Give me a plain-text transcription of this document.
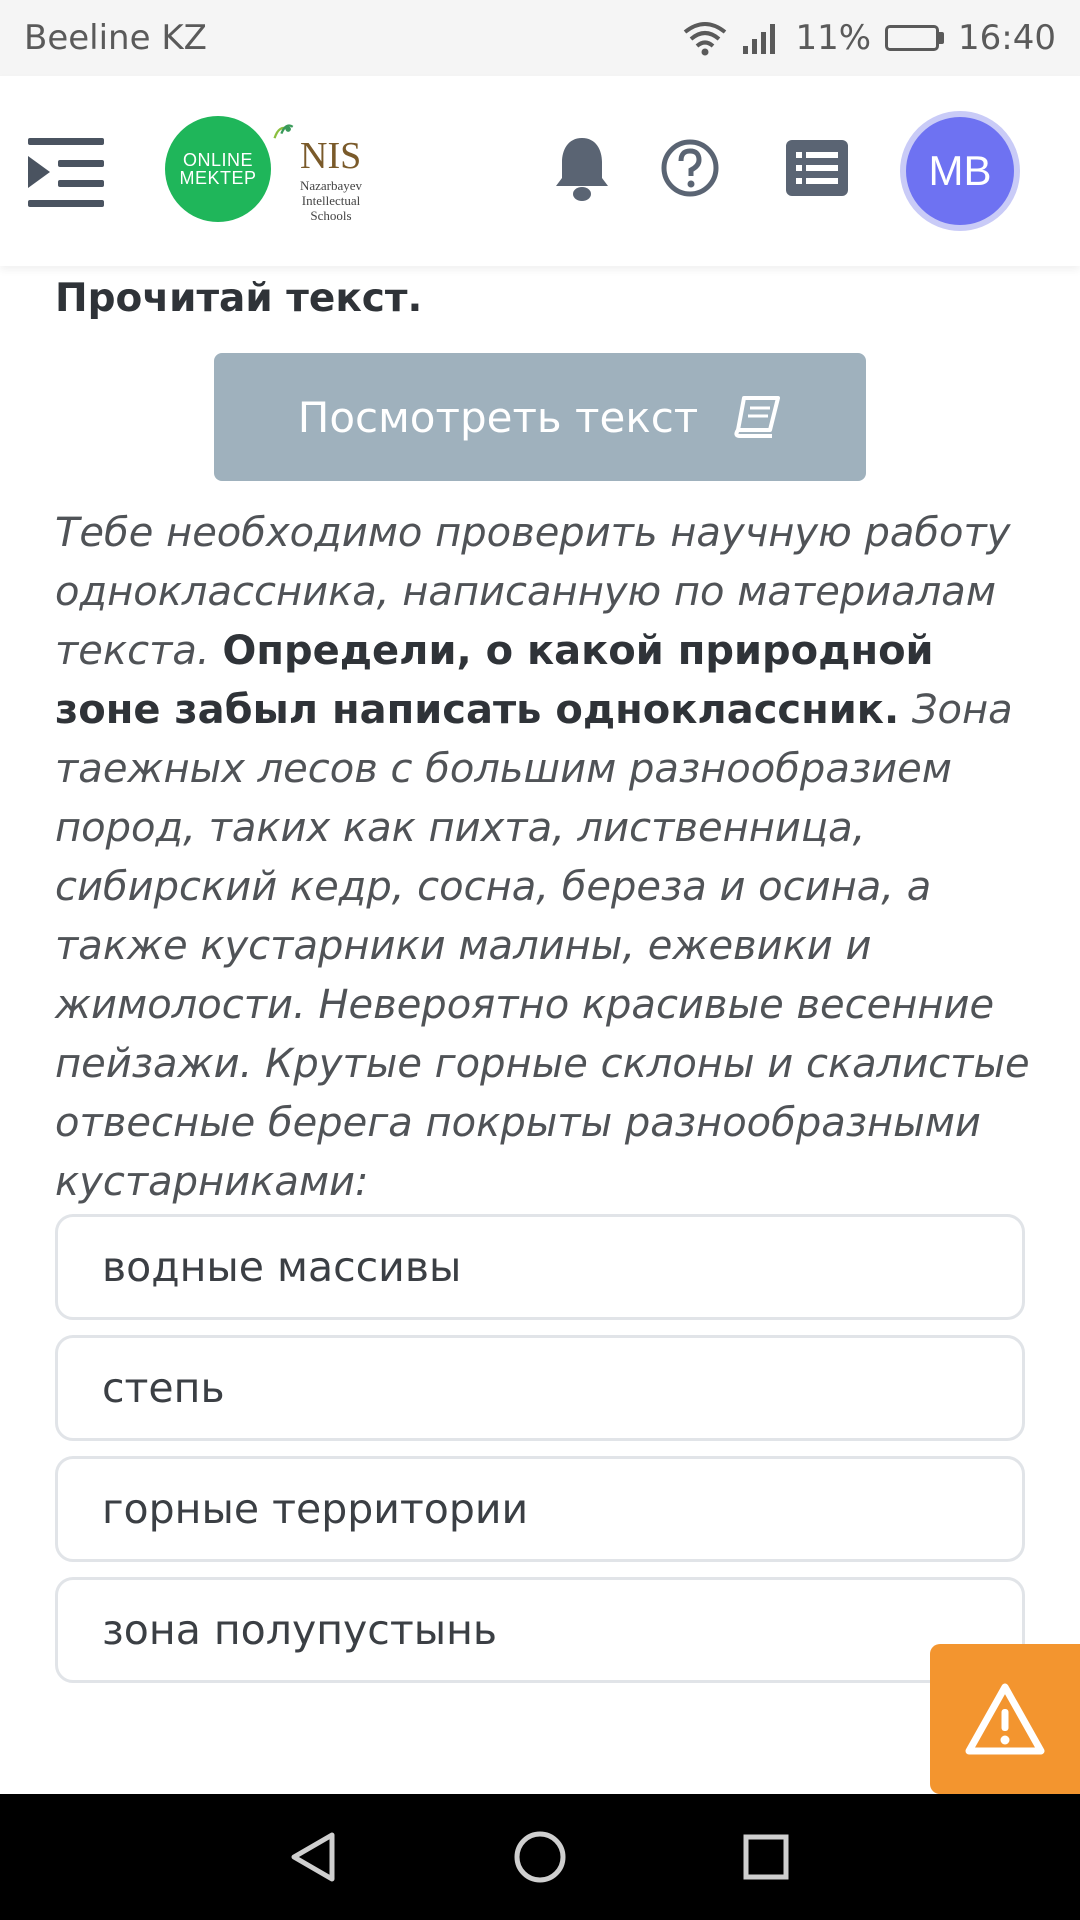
Beeline KZ	11%	16:40
ONLINE
MEKTEP
NIS
Nazarbayev Intellectual Schools
MB
Прочитай текст.
Посмотреть текст
Тебе необходимо проверить научную работу одноклассника, написанную по материалам текста. Определи, о какой природной зоне забыл написать одноклассник. Зона таежных лесов с большим разнообразием пород, таких как пихта, лиственница, сибирский кедр, сосна, береза и осина, а также кустарники малины, ежевики и жимолости. Невероятно красивые весенние пейзажи. Крутые горные склоны и скалистые отвесные берега покрыты разнообразными кустарниками:
водные массивы
степь
горные территории
зона полупустынь
